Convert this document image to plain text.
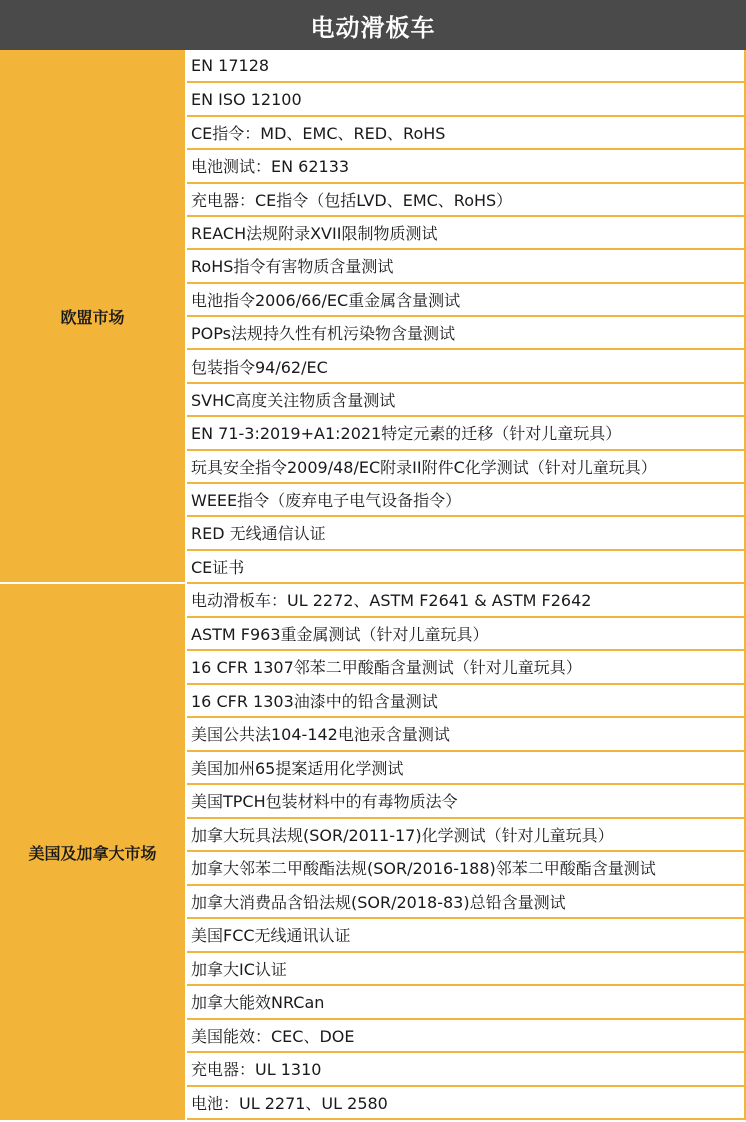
电动滑板车
欧盟市场
EN 17128
EN ISO 12100
CE指令：MD、EMC、RED、RoHS
电池测试：EN 62133
充电器：CE指令（包括LVD、EMC、RoHS）
REACH法规附录XVII限制物质测试
RoHS指令有害物质含量测试
电池指令2006/66/EC重金属含量测试
POPs法规持久性有机污染物含量测试
包装指令94/62/EC
SVHC高度关注物质含量测试
EN 71-3:2019+A1:2021特定元素的迁移（针对儿童玩具）
玩具安全指令2009/48/EC附录II附件C化学测试（针对儿童玩具）
WEEE指令（废弃电子电气设备指令）
RED 无线通信认证
CE证书
美国及加拿大市场
电动滑板车：UL 2272、ASTM F2641 & ASTM F2642
ASTM F963重金属测试（针对儿童玩具）
16 CFR 1307邻苯二甲酸酯含量测试（针对儿童玩具）
16 CFR 1303油漆中的铅含量测试
美国公共法104-142电池汞含量测试
美国加州65提案适用化学测试
美国TPCH包装材料中的有毒物质法令
加拿大玩具法规(SOR/2011-17)化学测试（针对儿童玩具）
加拿大邻苯二甲酸酯法规(SOR/2016-188)邻苯二甲酸酯含量测试
加拿大消费品含铅法规(SOR/2018-83)总铅含量测试
美国FCC无线通讯认证
加拿大IC认证
加拿大能效NRCan
美国能效：CEC、DOE
充电器：UL 1310
电池：UL 2271、UL 2580
